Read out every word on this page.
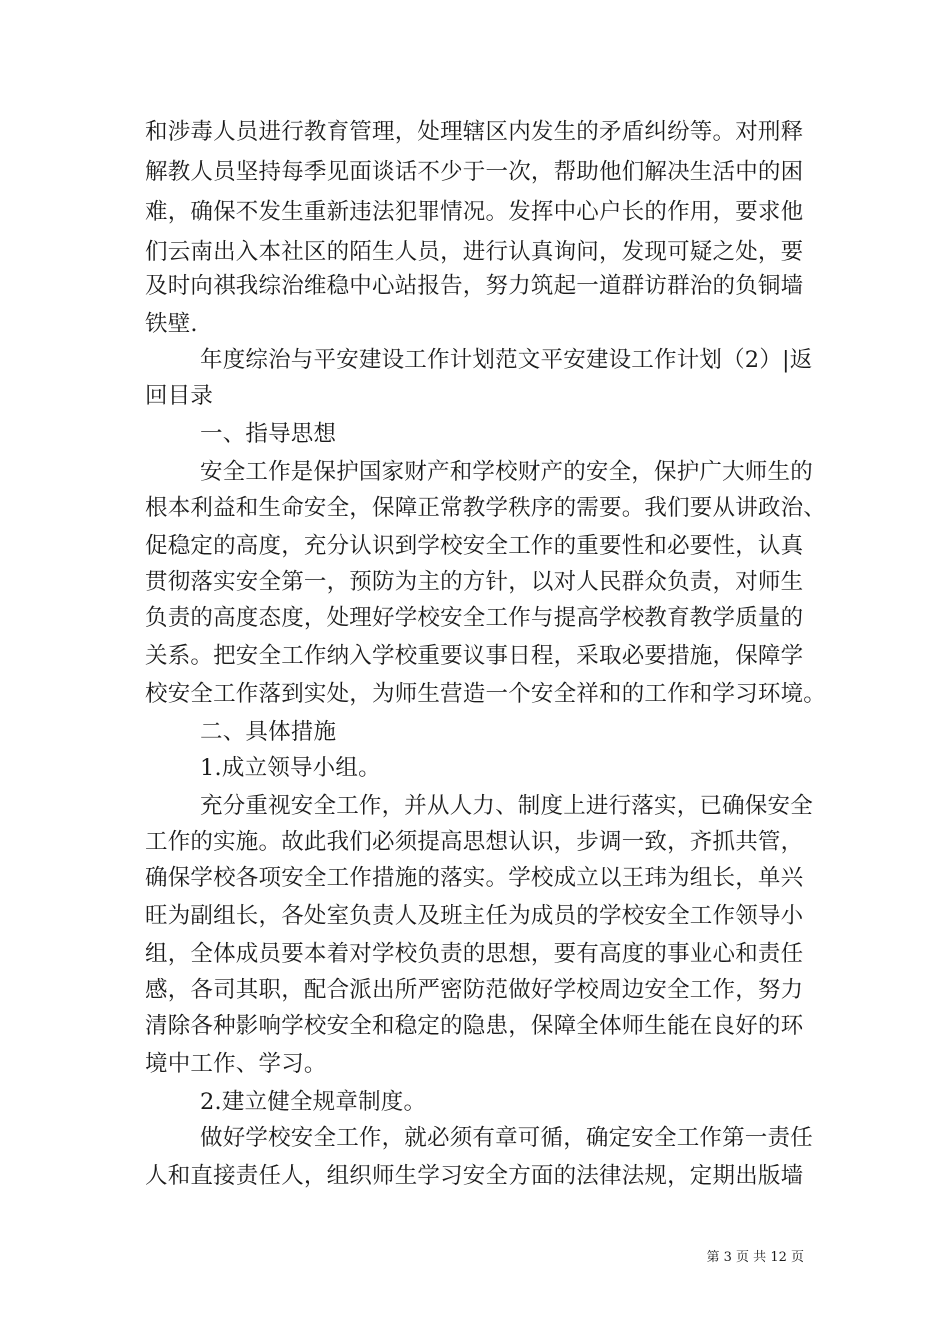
和涉毒人员进行教育管理，处理辖区内发生的矛盾纠纷等。对刑释
解教人员坚持每季见面谈话不少于一次，帮助他们解决生活中的困
难，确保不发生重新违法犯罪情况。发挥中心户长的作用，要求他
们云南出入本社区的陌生人员，进行认真询问，发现可疑之处，要
及时向祺我综治维稳中心站报告，努力筑起一道群访群治的负铜墙
铁壁.
年度综治与平安建设工作计划范文平安建设工作计划（2）|返
回目录
一、指导思想
安全工作是保护国家财产和学校财产的安全，保护广大师生的
根本利益和生命安全，保障正常教学秩序的需要。我们要从讲政治、
促稳定的高度，充分认识到学校安全工作的重要性和必要性，认真
贯彻落实安全第一，预防为主的方针，以对人民群众负责，对师生
负责的高度态度，处理好学校安全工作与提高学校教育教学质量的
关系。把安全工作纳入学校重要议事日程，采取必要措施，保障学
校安全工作落到实处，为师生营造一个安全祥和的工作和学习环境。
二、具体措施
1.成立领导小组。
充分重视安全工作，并从人力、制度上进行落实，已确保安全
工作的实施。故此我们必须提高思想认识，步调一致，齐抓共管，
确保学校各项安全工作措施的落实。学校成立以王玮为组长，单兴
旺为副组长，各处室负责人及班主任为成员的学校安全工作领导小
组，全体成员要本着对学校负责的思想，要有高度的事业心和责任
感，各司其职，配合派出所严密防范做好学校周边安全工作，努力
清除各种影响学校安全和稳定的隐患，保障全体师生能在良好的环
境中工作、学习。
2.建立健全规章制度。
做好学校安全工作，就必须有章可循，确定安全工作第一责任
人和直接责任人，组织师生学习安全方面的法律法规，定期出版墙
第 3 页 共 12 页
